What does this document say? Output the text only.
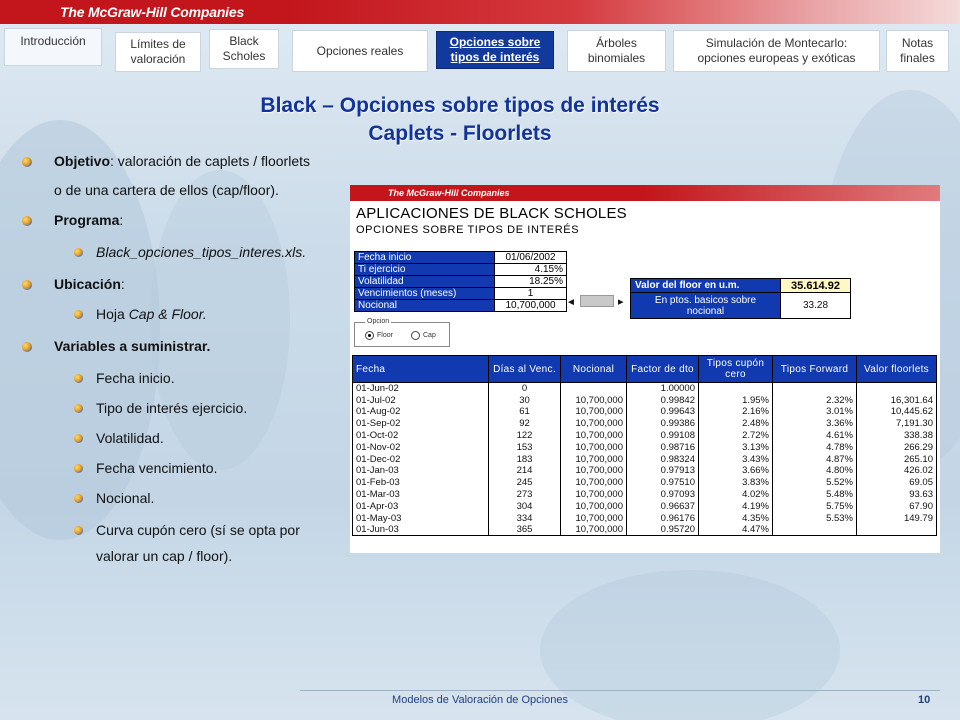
The McGraw-Hill Companies
Introducción	Límites de valoración
Black Scholes	Opciones reales
Opciones sobre tipos de interés
Árboles binomiales
Simulación de Montecarlo: opciones europeas y exóticas
Notas finales
Black – Opciones sobre tipos de interés
Caplets - Floorlets
Objetivo: valoración de caplets / floorlets
o de una cartera de ellos (cap/floor).
Programa:
Black_opciones_tipos_interes.xls.
Ubicación:
Hoja Cap & Floor.
Variables a suministrar.
Fecha inicio.
Tipo de interés ejercicio.
Volatilidad.
Fecha vencimiento.
Nocional.
Curva cupón cero (sí se opta por
valorar un cap / floor).
The McGraw-Hill Companies
APLICACIONES DE BLACK SCHOLES
OPCIONES SOBRE TIPOS DE INTERÉS
Fecha inicio	01/06/2002
Ti ejercicio	4.15%
Volatilidad	18.25%
Vencimientos (meses)	1
Nocional	10,700,000 ◄	▸
Valor del floor en u.m.	35.614.92
En ptos. basicos sobre nocional	33.28
Opcion
Floor	Cap
Fecha	Días al Venc.	Nocional	Factor de dto	Tipos cupón cero	Tipos Forward	Valor floorlets
01-Jun-02	0		1.00000			
01-Jul-02	30	10,700,000	0.99842	1.95%	2.32%	16,301.64
01-Aug-02	61	10,700,000	0.99643	2.16%	3.01%	10,445.62
01-Sep-02	92	10,700,000	0.99386	2.48%	3.36%	7,191.30
01-Oct-02	122	10,700,000	0.99108	2.72%	4.61%	338.38
01-Nov-02	153	10,700,000	0.98716	3.13%	4.78%	266.29
01-Dec-02	183	10,700,000	0.98324	3.43%	4.87%	265.10
01-Jan-03	214	10,700,000	0.97913	3.66%	4.80%	426.02
01-Feb-03	245	10,700,000	0.97510	3.83%	5.52%	69.05
01-Mar-03	273	10,700,000	0.97093	4.02%	5.48%	93.63
01-Apr-03	304	10,700,000	0.96637	4.19%	5.75%	67.90
01-May-03	334	10,700,000	0.96176	4.35%	5.53%	149.79
01-Jun-03	365	10,700,000	0.95720	4.47%		
Modelos de Valoración de Opciones	10
